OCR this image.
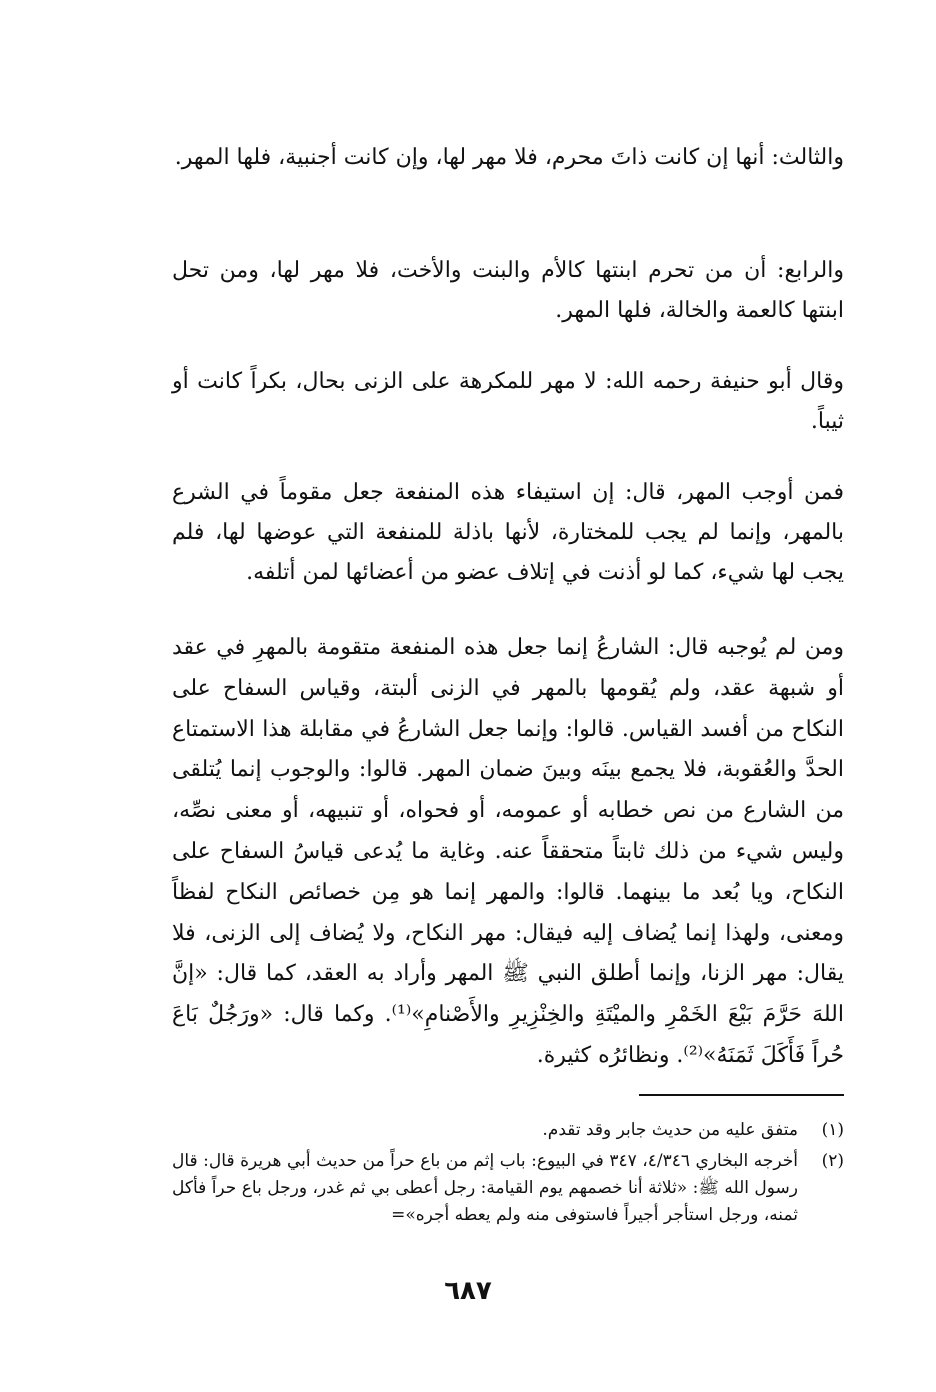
والثالث: أنها إن كانت ذاتَ محرم، فلا مهر لها، وإن كانت أجنبية، فلها المهر.

والرابع: أن من تحرم ابنتها كالأم والبنت والأخت، فلا مهر لها، ومن تحل ابنتها كالعمة والخالة، فلها المهر.

وقال أبو حنيفة رحمه الله: لا مهر للمكرهة على الزنى بحال، بكراً كانت أو ثيباً.

فمن أوجب المهر، قال: إن استيفاء هذه المنفعة جعل مقوماً في الشرع بالمهر، وإنما لم يجب للمختارة، لأنها باذلة للمنفعة التي عوضها لها، فلم يجب لها شيء، كما لو أذنت في إتلاف عضو من أعضائها لمن أتلفه.

ومن لم يُوجبه قال: الشارعُ إنما جعل هذه المنفعة متقومة بالمهرِ في عقد أو شبهة عقد، ولم يُقومها بالمهر في الزنى ألبتة، وقياس السفاح على النكاح من أفسد القياس. قالوا: وإنما جعل الشارعُ في مقابلة هذا الاستمتاع الحدَّ والعُقوبة، فلا يجمع بينَه وبينَ ضمان المهر. قالوا: والوجوب إنما يُتلقى من الشارع من نص خطابه أو عمومه، أو فحواه، أو تنبيهه، أو معنى نصِّه، وليس شيء من ذلك ثابتاً متحققاً عنه. وغاية ما يُدعى قياسُ السفاح على النكاح، ويا بُعد ما بينهما. قالوا: والمهر إنما هو مِن خصائص النكاح لفظاً ومعنى، ولهذا إنما يُضاف إليه فيقال: مهر النكاح، ولا يُضاف إلى الزنى، فلا يقال: مهر الزنا، وإنما أطلق النبي ﷺ المهر وأراد به العقد، كما قال: «إنَّ اللهَ حَرَّمَ بَيْعَ الخَمْرِ والميْتَةِ والخِنْزِيرِ والأَصْنامِ»⁽¹⁾. وكما قال: «ورَجُلٌ بَاعَ حُراً فَأَكَلَ ثَمَنَهُ»⁽²⁾. ونظائرُه كثيرة.

(١)
متفق عليه من حديث جابر وقد تقدم.
(٢)
أخرجه البخاري ٤/٣٤٦، ٣٤٧ في البيوع: باب إثم من باع حراً من حديث أبي هريرة قال: قال رسول الله ﷺ: «ثلاثة أنا خصمهم يوم القيامة: رجل أعطى بي ثم غدر، ورجل باع حراً فأكل ثمنه، ورجل استأجر أجيراً فاستوفى منه ولم يعطه أجره»=
٦٨٧
